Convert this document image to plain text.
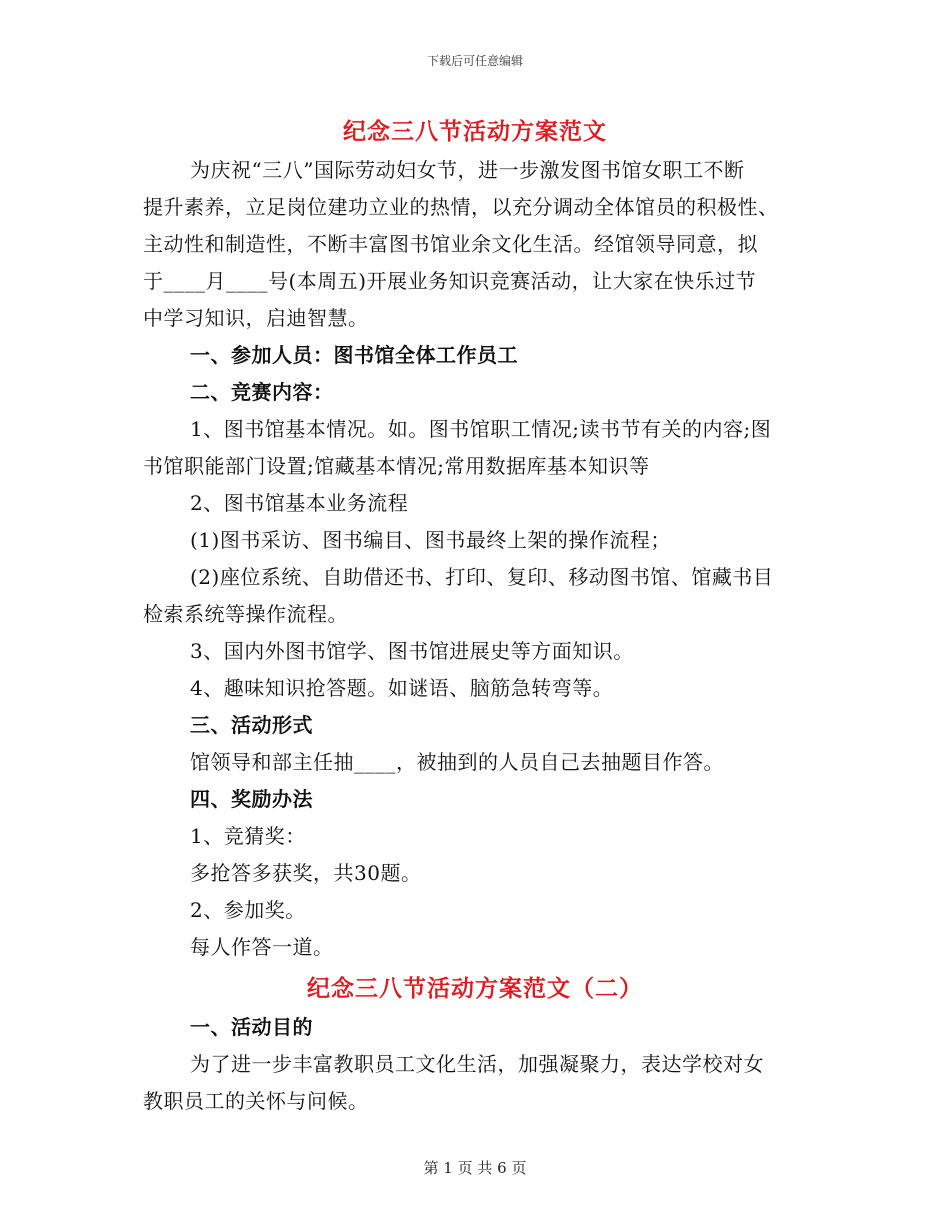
下载后可任意编辑
纪念三八节活动方案范文
为庆祝“三八”国际劳动妇女节，进一步激发图书馆女职工不断
提升素养，立足岗位建功立业的热情，以充分调动全体馆员的积极性、
主动性和制造性，不断丰富图书馆业余文化生活。经馆领导同意，拟
于____月____号(本周五)开展业务知识竞赛活动，让大家在快乐过节
中学习知识，启迪智慧。
一、参加人员：图书馆全体工作员工
二、竞赛内容：
1、图书馆基本情况。如。图书馆职工情况;读书节有关的内容;图
书馆职能部门设置;馆藏基本情况;常用数据库基本知识等
2、图书馆基本业务流程
(1)图书采访、图书编目、图书最终上架的操作流程；
(2)座位系统、自助借还书、打印、复印、移动图书馆、馆藏书目
检索系统等操作流程。
3、国内外图书馆学、图书馆进展史等方面知识。
4、趣味知识抢答题。如谜语、脑筋急转弯等。
三、活动形式
馆领导和部主任抽____，被抽到的人员自己去抽题目作答。
四、奖励办法
1、竞猜奖：
多抢答多获奖，共30题。
2、参加奖。
每人作答一道。
纪念三八节活动方案范文（二）
一、活动目的
为了进一步丰富教职员工文化生活，加强凝聚力，表达学校对女
教职员工的关怀与问候。
第 1 页 共 6 页
